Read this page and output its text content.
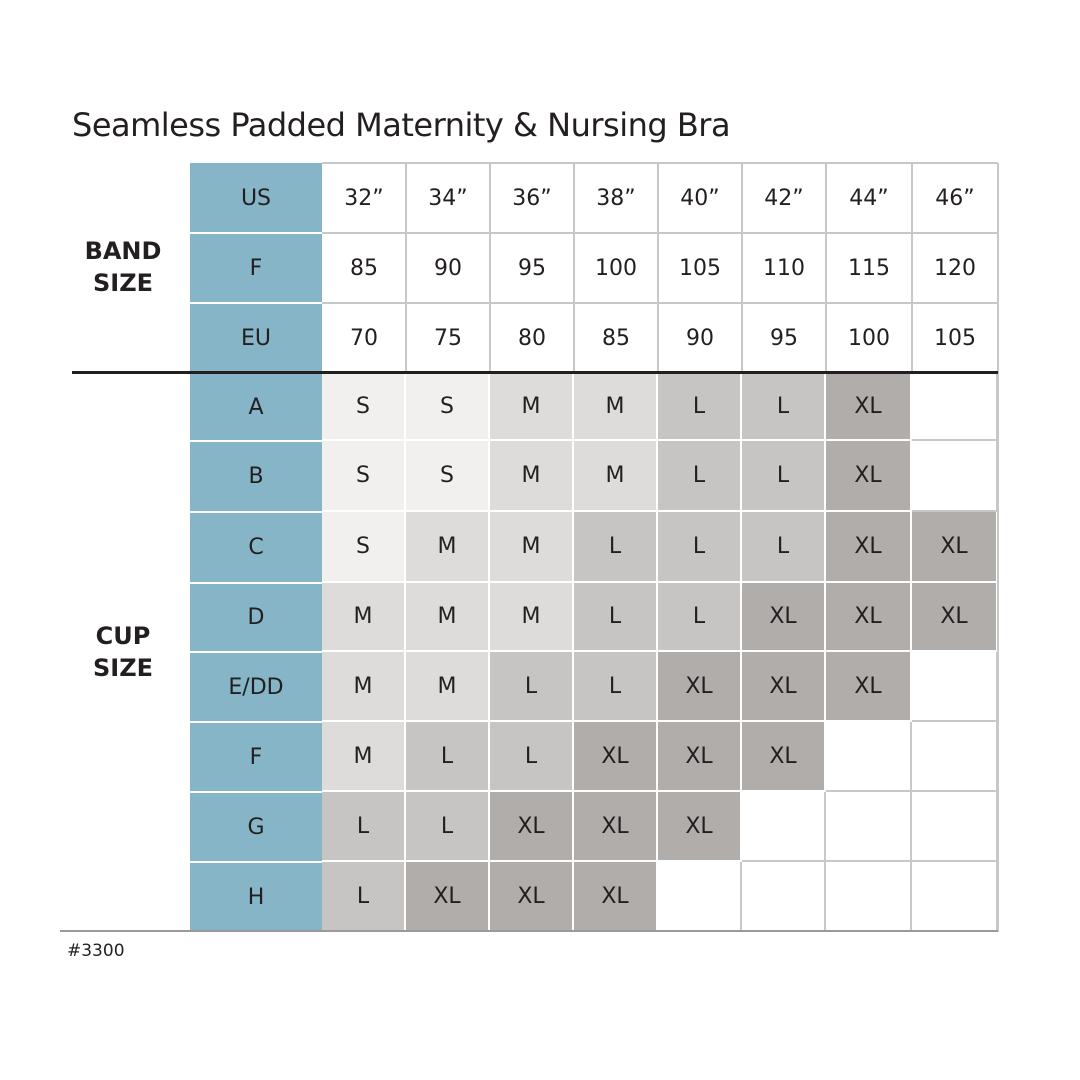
Seamless Padded Maternity & Nursing Bra
US	32”	34”	36”	38”	40”	42”	44”	46”
F	85	90	95	100	105	110	115	120
EU	70	75	80	85	90	95	100	105
A	S	S	M	M	L	L	XL
B	S	S	M	M	L	L	XL
C	S	M	M	L	L	L	XL	XL
D	M	M	M	L	L	XL	XL	XL
E/DD	M	M	L	L	XL	XL	XL
F	M	L	L	XL	XL	XL
G	L	L	XL	XL	XL
H	L	XL	XL	XL
BAND
SIZE
CUP
SIZE
#3300
